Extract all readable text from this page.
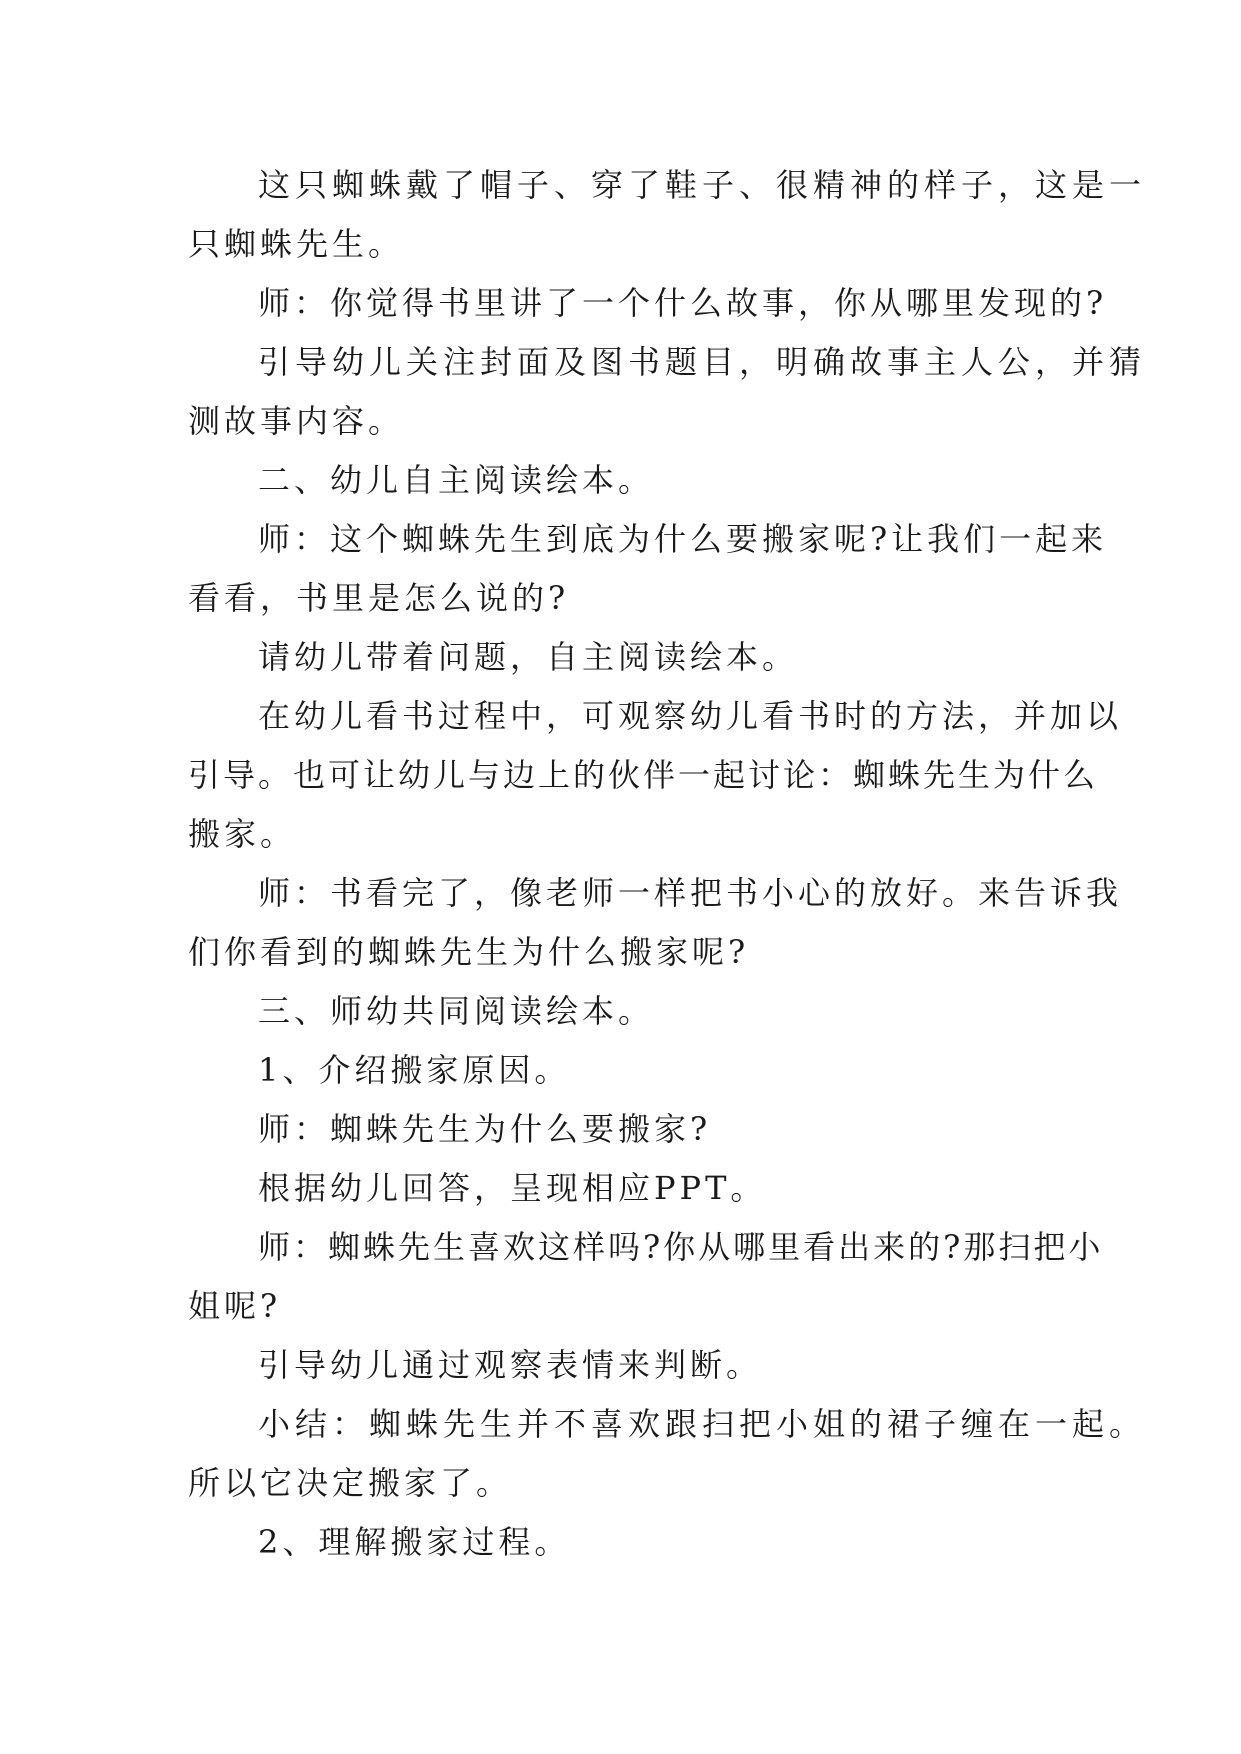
这只蜘蛛戴了帽子、穿了鞋子、很精神的样子，这是一
只蜘蛛先生。
师：你觉得书里讲了一个什么故事，你从哪里发现的?
引导幼儿关注封面及图书题目，明确故事主人公，并猜
测故事内容。
二、幼儿自主阅读绘本。
师：这个蜘蛛先生到底为什么要搬家呢?让我们一起来
看看，书里是怎么说的?
请幼儿带着问题，自主阅读绘本。
在幼儿看书过程中，可观察幼儿看书时的方法，并加以
引导。也可让幼儿与边上的伙伴一起讨论：蜘蛛先生为什么
搬家。
师：书看完了，像老师一样把书小心的放好。来告诉我
们你看到的蜘蛛先生为什么搬家呢?
三、师幼共同阅读绘本。
1、介绍搬家原因。
师：蜘蛛先生为什么要搬家?
根据幼儿回答，呈现相应PPT。
师：蜘蛛先生喜欢这样吗?你从哪里看出来的?那扫把小
姐呢?
引导幼儿通过观察表情来判断。
小结：蜘蛛先生并不喜欢跟扫把小姐的裙子缠在一起。
所以它决定搬家了。
2、理解搬家过程。
